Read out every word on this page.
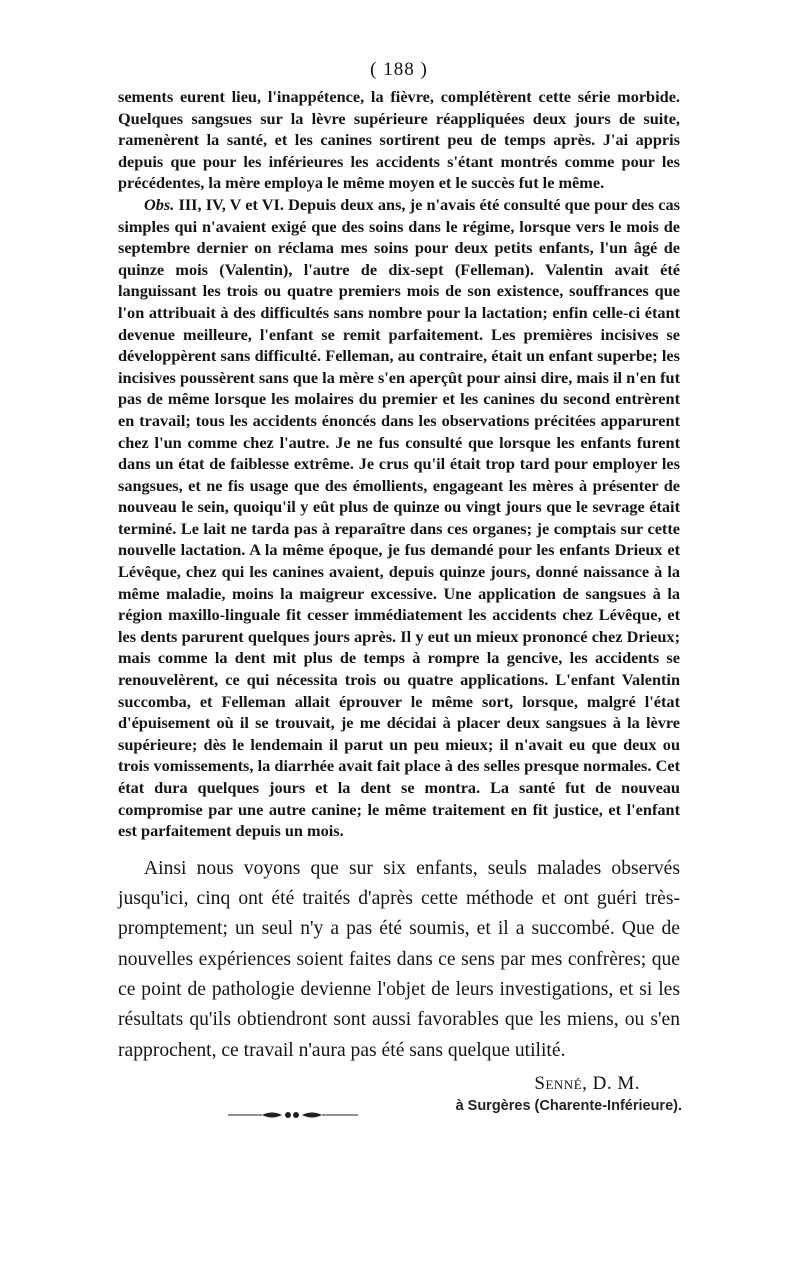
( 188 )

sements eurent lieu, l'inappétence, la fièvre, complétèrent cette série morbide. Quelques sangsues sur la lèvre supérieure réappliquées deux jours de suite, ramenèrent la santé, et les canines sortirent peu de temps après. J'ai appris depuis que pour les inférieures les accidents s'étant montrés comme pour les précédentes, la mère employa le même moyen et le succès fut le même.

Obs. III, IV, V et VI. Depuis deux ans, je n'avais été consulté que pour des cas simples qui n'avaient exigé que des soins dans le régime, lorsque vers le mois de septembre dernier on réclama mes soins pour deux petits enfants, l'un âgé de quinze mois (Valentin), l'autre de dix-sept (Felleman). Valentin avait été languissant les trois ou quatre premiers mois de son existence, souffrances que l'on attribuait à des difficultés sans nombre pour la lactation; enfin celle-ci étant devenue meilleure, l'enfant se remit parfaitement. Les premières incisives se développèrent sans difficulté. Felleman, au contraire, était un enfant superbe; les incisives poussèrent sans que la mère s'en aperçût pour ainsi dire, mais il n'en fut pas de même lorsque les molaires du premier et les canines du second entrèrent en travail; tous les accidents énoncés dans les observations précitées apparurent chez l'un comme chez l'autre. Je ne fus consulté que lorsque les enfants furent dans un état de faiblesse extrême. Je crus qu'il était trop tard pour employer les sangsues, et ne fis usage que des émollients, engageant les mères à présenter de nouveau le sein, quoiqu'il y eût plus de quinze ou vingt jours que le sevrage était terminé. Le lait ne tarda pas à reparaître dans ces organes; je comptais sur cette nouvelle lactation. A la même époque, je fus demandé pour les enfants Drieux et Lévêque, chez qui les canines avaient, depuis quinze jours, donné naissance à la même maladie, moins la maigreur excessive. Une application de sangsues à la région maxillo-linguale fit cesser immédiatement les accidents chez Lévêque, et les dents parurent quelques jours après. Il y eut un mieux prononcé chez Drieux; mais comme la dent mit plus de temps à rompre la gencive, les accidents se renouvelèrent, ce qui nécessita trois ou quatre applications. L'enfant Valentin succomba, et Felleman allait éprouver le même sort, lorsque, malgré l'état d'épuisement où il se trouvait, je me décidai à placer deux sangsues à la lèvre supérieure; dès le lendemain il parut un peu mieux; il n'avait eu que deux ou trois vomissements, la diarrhée avait fait place à des selles presque normales. Cet état dura quelques jours et la dent se montra. La santé fut de nouveau compromise par une autre canine; le même traitement en fit justice, et l'enfant est parfaitement depuis un mois.

Ainsi nous voyons que sur six enfants, seuls malades observés jusqu'ici, cinq ont été traités d'après cette méthode et ont guéri très-promptement; un seul n'y a pas été soumis, et il a succombé. Que de nouvelles expériences soient faites dans ce sens par mes confrères; que ce point de pathologie devienne l'objet de leurs investigations, et si les résultats qu'ils obtiendront sont aussi favorables que les miens, ou s'en rapprochent, ce travail n'aura pas été sans quelque utilité.

Senné, D. M.
à Surgères (Charente-Inférieure).
